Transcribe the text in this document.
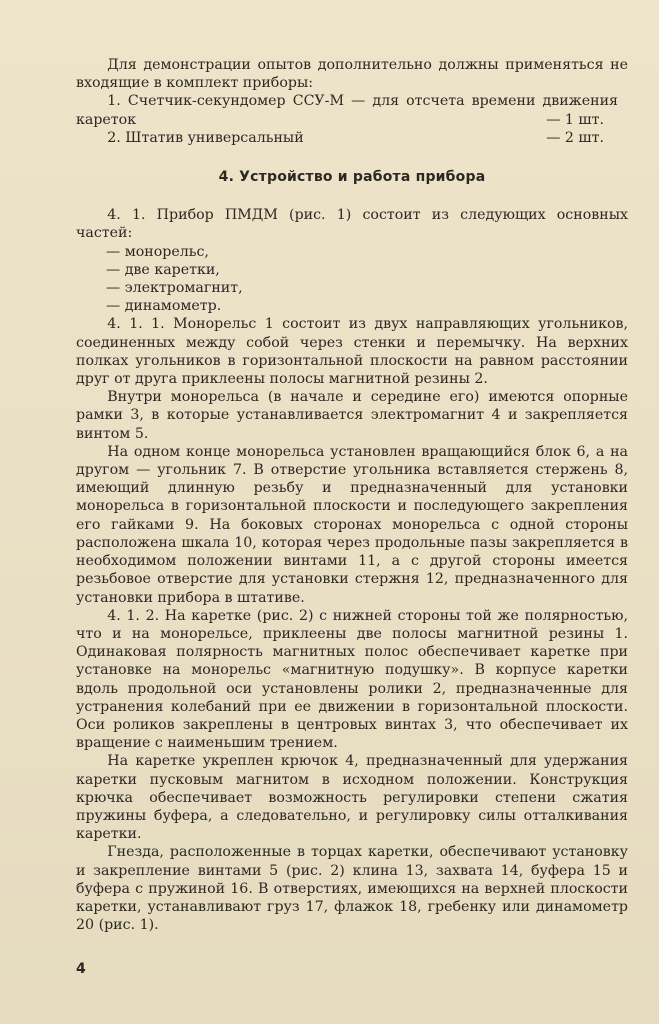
Для демонстрации опытов дополнительно должны применяться не входящие в комплект приборы:

1. Счетчик-секундомер ССУ-М — для отсчета времени движения кареток	— 1 шт.
2. Штатив универсальный	— 2 шт.
4. Устройство и работа прибора

4. 1. Прибор ПМДМ (рис. 1) состоит из следующих основных частей:

— монорельс,
— две каретки,
— электромагнит,
— динамометр.

4. 1. 1. Монорельс 1 состоит из двух направляющих угольников, соединенных между собой через стенки и перемычку. На верхних полках угольников в горизонтальной плоскости на равном расстоянии друг от друга приклеены полосы магнитной резины 2.

Внутри монорельса (в начале и середине его) имеются опорные рамки 3, в которые устанавливается электромагнит 4 и закрепляется винтом 5.

На одном конце монорельса установлен вращающийся блок 6, а на другом — угольник 7. В отверстие угольника вставляется стержень 8, имеющий длинную резьбу и предназначенный для установки монорельса в горизонтальной плоскости и последующего закрепления его гайками 9. На боковых сторонах монорельса с одной стороны расположена шкала 10, которая через продольные пазы закрепляется в необходимом положении винтами 11, а с другой стороны имеется резьбовое отверстие для установки стержня 12, предназначенного для установки прибора в штативе.

4. 1. 2. На каретке (рис. 2) с нижней стороны той же полярностью, что и на монорельсе, приклеены две полосы магнитной резины 1. Одинаковая полярность магнитных полос обеспечивает каретке при установке на монорельс «магнитную подушку». В корпусе каретки вдоль продольной оси установлены ролики 2, предназначенные для устранения колебаний при ее движении в горизонтальной плоскости. Оси роликов закреплены в центровых винтах 3, что обеспечивает их вращение с наименьшим трением.

На каретке укреплен крючок 4, предназначенный для удержания каретки пусковым магнитом в исходном положении. Конструкция крючка обеспечивает возможность регулировки степени сжатия пружины буфера, а следовательно, и регулировку силы отталкивания каретки.

Гнезда, расположенные в торцах каретки, обеспечивают установку и закрепление винтами 5 (рис. 2) клина 13, захвата 14, буфера 15 и буфера с пружиной 16. В отверстиях, имеющихся на верхней плоскости каретки, устанавливают груз 17, флажок 18, гребенку или динамометр 20 (рис. 1).

4
